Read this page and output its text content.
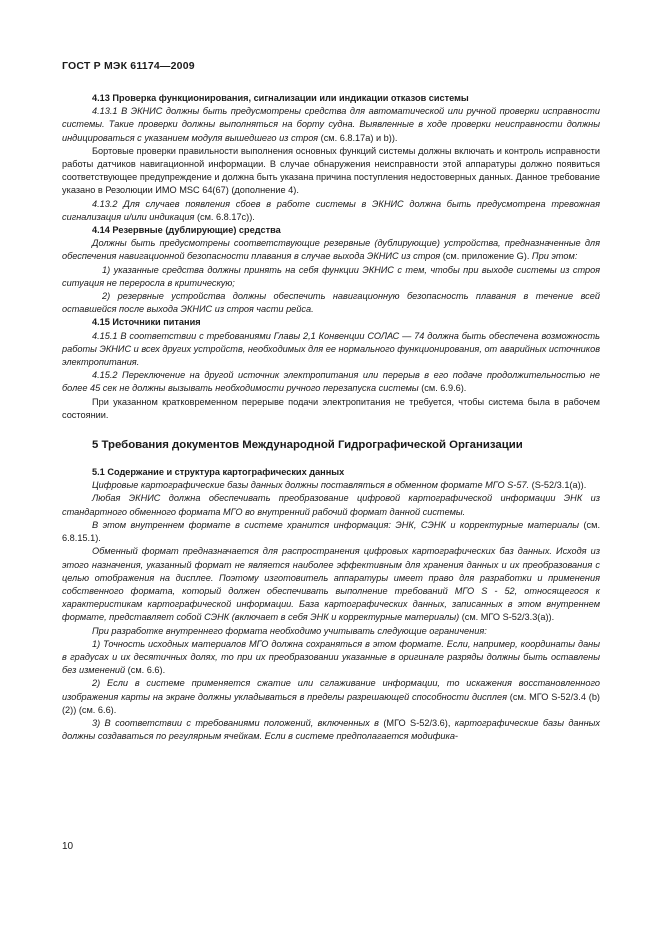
ГОСТ Р МЭК 61174—2009

4.13 Проверка функционирования, сигнализации или индикации отказов системы

4.13.1 В ЭКНИС должны быть предусмотрены средства для автоматической или ручной проверки исправности системы. Такие проверки должны выполняться на борту судна. Выявленные в ходе проверки неисправности должны индицироваться с указанием модуля вышедшего из строя (см. 6.8.17a) и b)).

Бортовые проверки правильности выполнения основных функций системы должны включать и контроль исправности работы датчиков навигационной информации. В случае обнаружения неисправности этой аппаратуры должно появиться соответствующее предупреждение и должна быть указана причина поступления недостоверных данных. Данное требование указано в Резолюции ИМО MSC 64(67) (дополнение 4).

4.13.2 Для случаев появления сбоев в работе системы в ЭКНИС должна быть предусмотрена тревожная сигнализация и/или индикация (см. 6.8.17с)).

4.14 Резервные (дублирующие) средства

Должны быть предусмотрены соответствующие резервные (дублирующие) устройства, предназначенные для обеспечения навигационной безопасности плавания в случае выхода ЭКНИС из строя (см. приложение G). При этом:

1) указанные средства должны принять на себя функции ЭКНИС с тем, чтобы при выходе системы из строя ситуация не переросла в критическую;

2) резервные устройства должны обеспечить навигационную безопасность плавания в течение всей оставшейся после выхода ЭКНИС из строя части рейса.

4.15 Источники питания

4.15.1 В соответствии с требованиями Главы 2,1 Конвенции СОЛАС — 74 должна быть обеспечена возможность работы ЭКНИС и всех других устройств, необходимых для ее нормального функционирования, от аварийных источников электропитания.

4.15.2 Переключение на другой источник электропитания или перерыв в его подаче продолжительностью не более 45 сек не должны вызывать необходимости ручного перезапуска системы (см. 6.9.6).

При указанном кратковременном перерыве подачи электропитания не требуется, чтобы система была в рабочем состоянии.

5 Требования документов Международной Гидрографической Организации

5.1 Содержание и структура картографических данных

Цифровые картографические базы данных должны поставляться в обменном формате МГО S-57. (S-52/3.1(а)).

Любая ЭКНИС должна обеспечивать преобразование цифровой картографической информации ЭНК из стандартного обменного формата МГО во внутренний рабочий формат данной системы.

В этом внутреннем формате в системе хранится информация: ЭНК, СЭНК и корректурные материалы (см. 6.8.15.1).

Обменный формат предназначается для распространения цифровых картографических баз данных. Исходя из этого назначения, указанный формат не является наиболее эффективным для хранения данных и их преобразования с целью отображения на дисплее. Поэтому изготовитель аппаратуры имеет право для разработки и применения собственного формата, который должен обеспечивать выполнение требований МГО S - 52, относящегося к характеристикам картографической информации. База картографических данных, записанных в этом внутреннем формате, представляет собой СЭНК (включает в себя ЭНК и корректурные материалы) (см. МГО S-52/3.3(а)).

При разработке внутреннего формата необходимо учитывать следующие ограничения:

1) Точность исходных материалов МГО должна сохраняться в этом формате. Если, например, координаты даны в градусах и их десятичных долях, то при их преобразовании указанные в оригинале разряды должны быть оставлены без изменений (см. 6.6).

2) Если в системе применяется сжатие или сглаживание информации, то искажения восстановленного изображения карты на экране должны укладываться в пределы разрешающей способности дисплея (см. МГО S-52/3.4 (b)(2)) (см. 6.6).

3) В соответствии с требованиями положений, включенных в (МГО S-52/3.6), картографические базы данных должны создаваться по регулярным ячейкам. Если в системе предполагается модифика-

10
